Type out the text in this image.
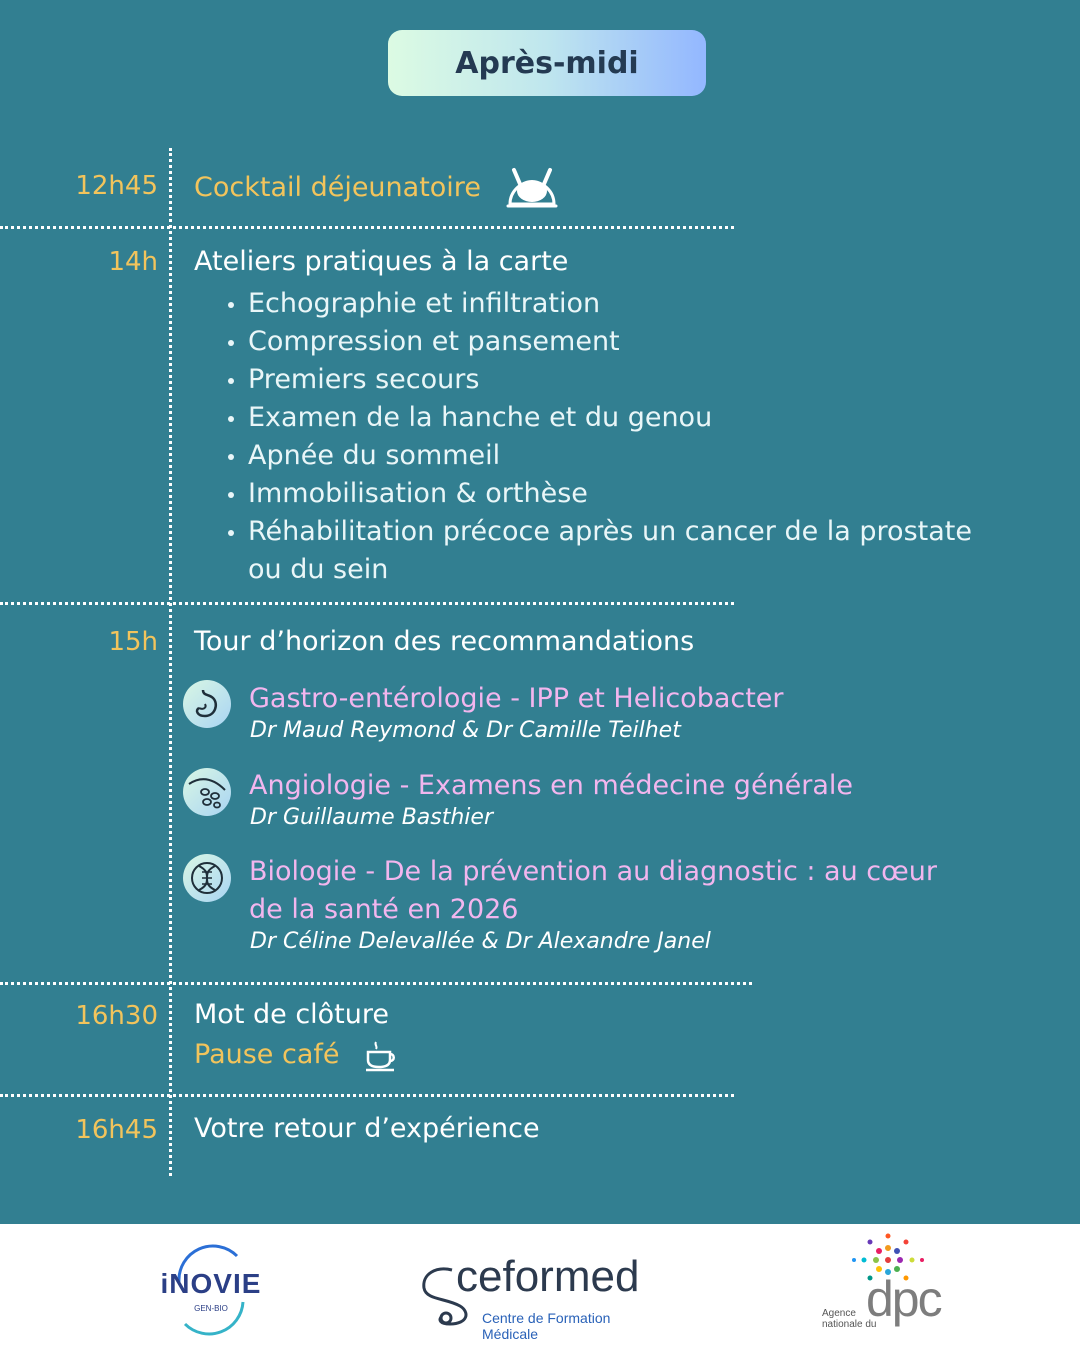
Après-midi
12h45 Cocktail déjeunatoire
14h Ateliers pratiques à la carte
Echographie et infiltration
Compression et pansement
Premiers secours
Examen de la hanche et du genou
Apnée du sommeil
Immobilisation & orthèse
Réhabilitation précoce après un cancer de la prostate
ou du sein
15h Tour d’horizon des recommandations
Gastro-entérologie - IPP et Helicobacter
Dr Maud Reymond & Dr Camille Teilhet
Angiologie - Examens en médecine générale
Dr Guillaume Basthier
Biologie - De la prévention au diagnostic : au cœur
de la santé en 2026
Dr Céline Delevallée & Dr Alexandre Janel
16h30 Mot de clôture
Pause café
16h45 Votre retour d’expérience
iNOVIE
GEN-BIO
ceformed
Centre de Formation Médicale
dpc
Agence
nationale du
